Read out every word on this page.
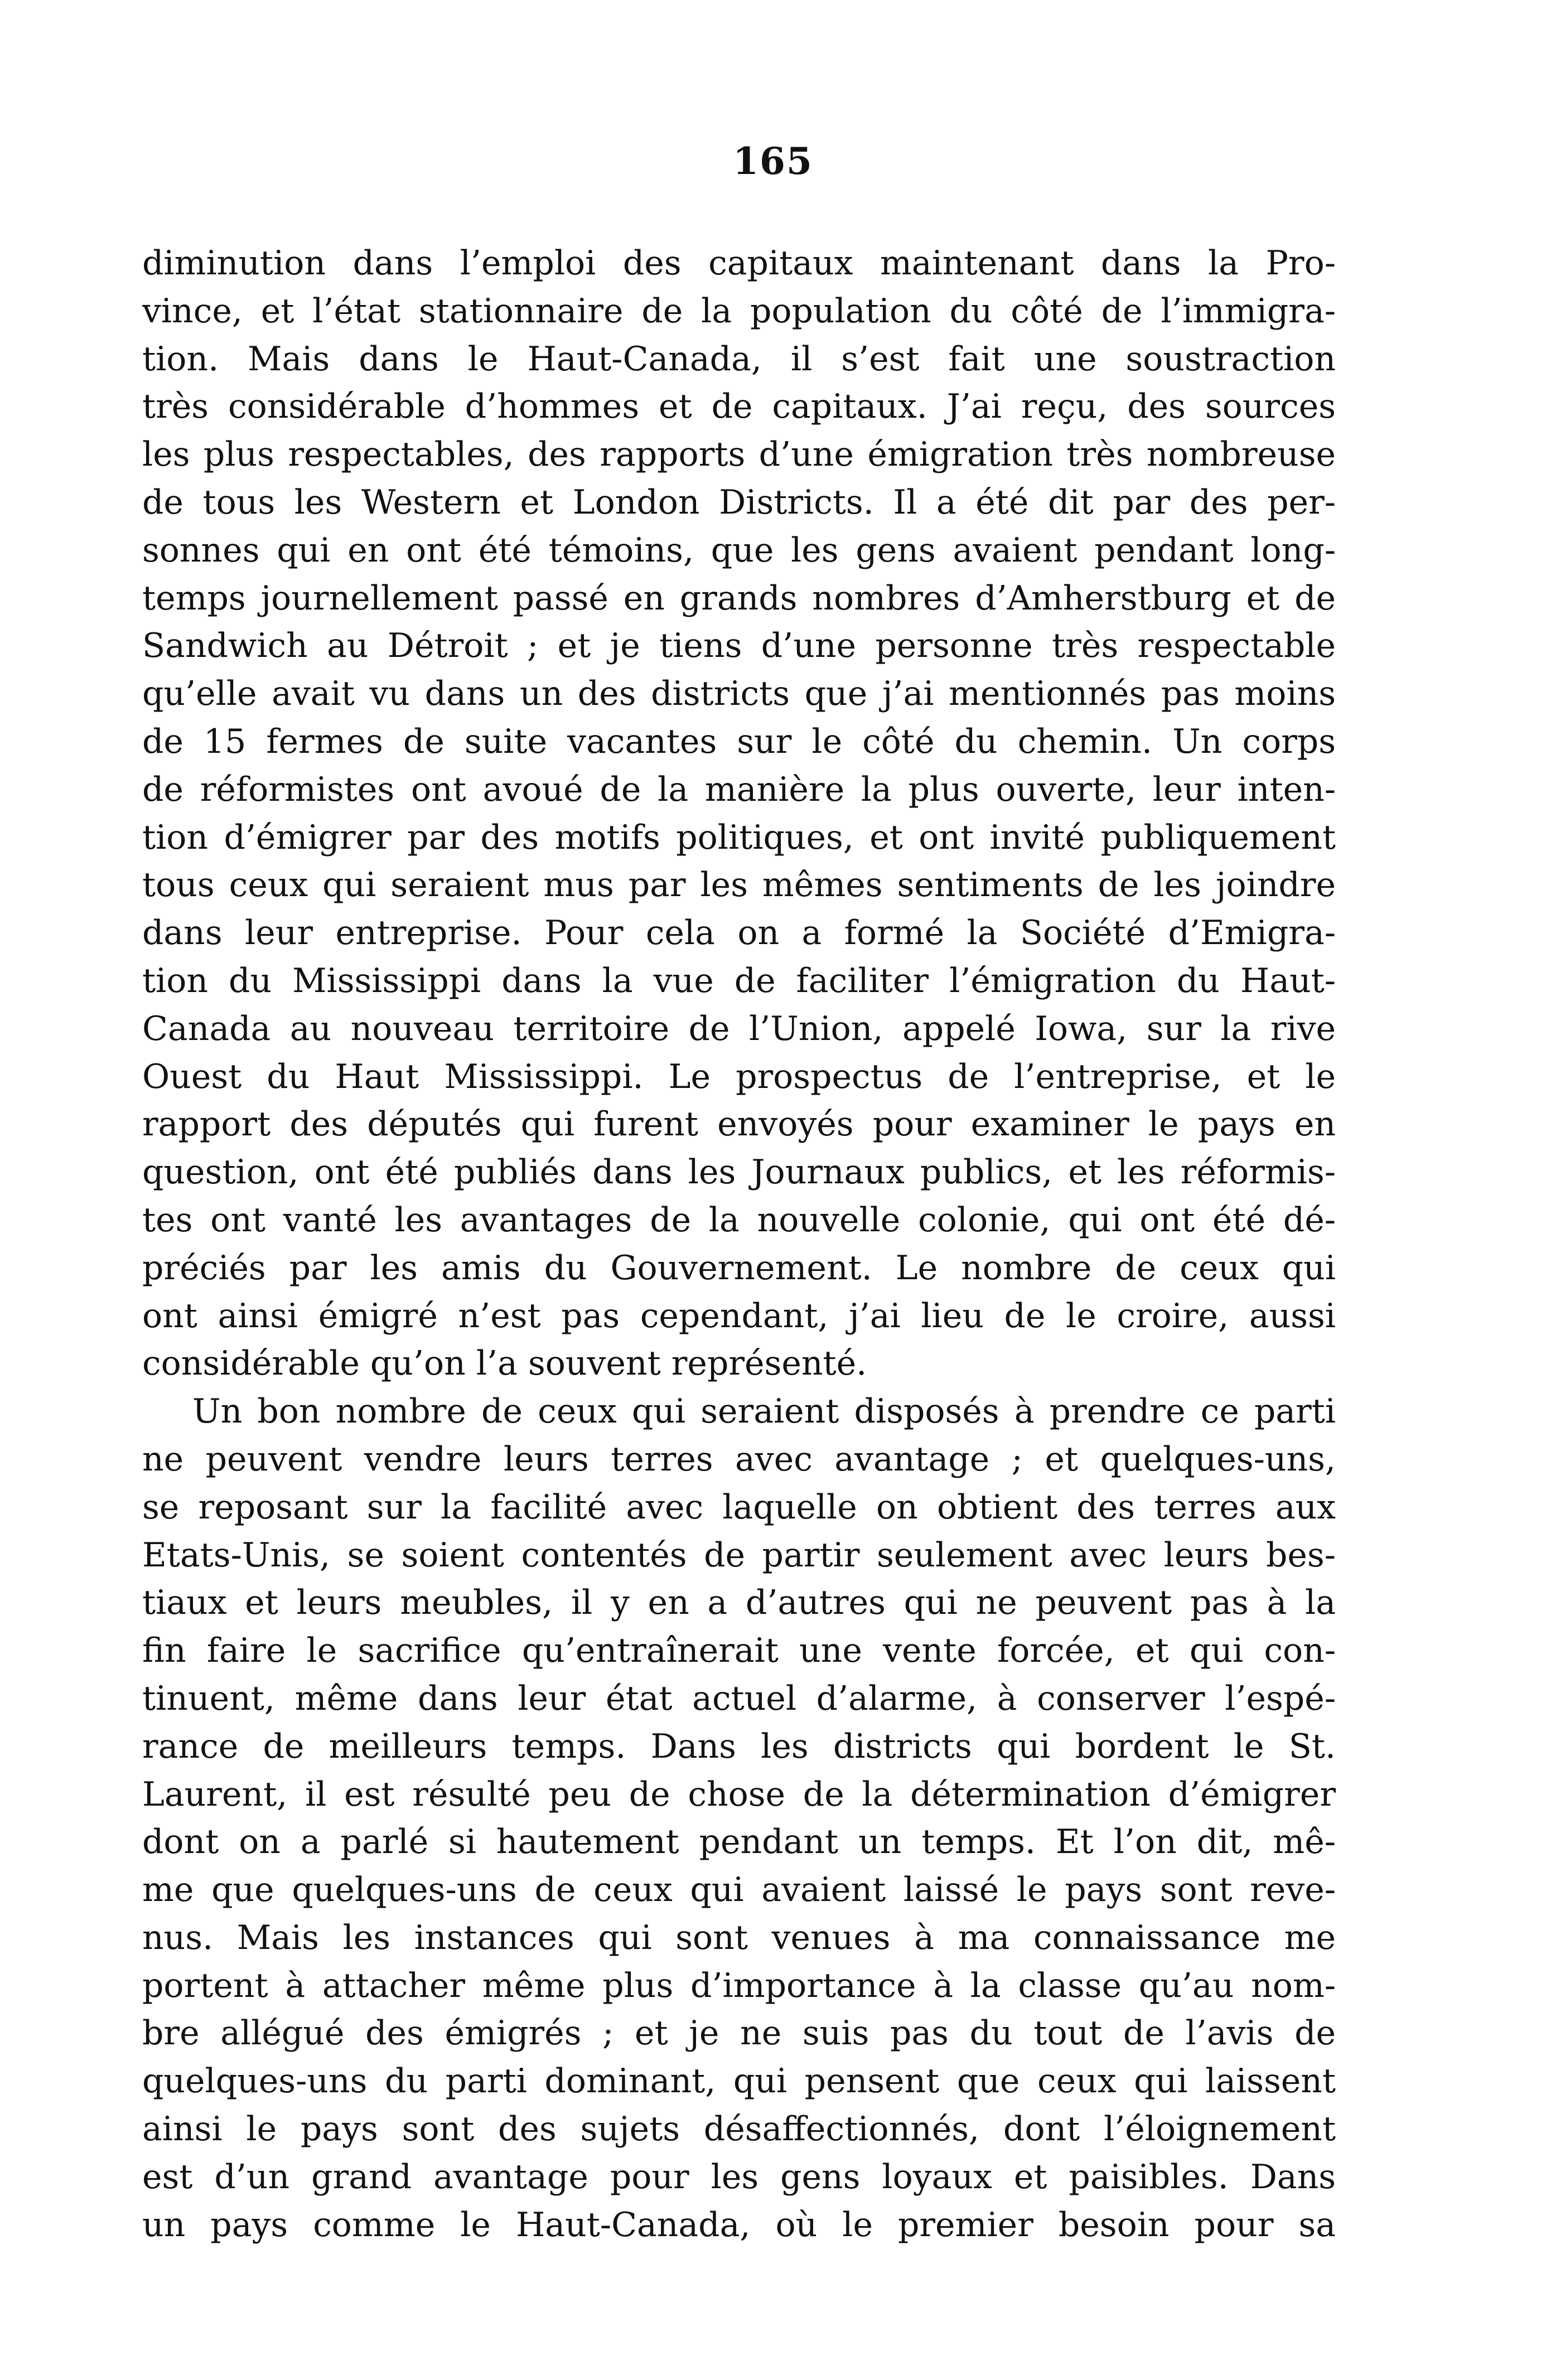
165
diminution dans l’emploi des capitaux maintenant dans la Pro-
vince, et l’état stationnaire de la population du côté de l’immigra-
tion. Mais dans le Haut-Canada, il s’est fait une soustraction
très considérable d’hommes et de capitaux. J’ai reçu, des sources
les plus respectables, des rapports d’une émigration très nombreuse
de tous les Western et London Districts. Il a été dit par des per-
sonnes qui en ont été témoins, que les gens avaient pendant long-
temps journellement passé en grands nombres d’Amherstburg et de
Sandwich au Détroit ; et je tiens d’une personne très respectable
qu’elle avait vu dans un des districts que j’ai mentionnés pas moins
de 15 fermes de suite vacantes sur le côté du chemin. Un corps
de réformistes ont avoué de la manière la plus ouverte, leur inten-
tion d’émigrer par des motifs politiques, et ont invité publiquement
tous ceux qui seraient mus par les mêmes sentiments de les joindre
dans leur entreprise. Pour cela on a formé la Société d’Emigra-
tion du Mississippi dans la vue de faciliter l’émigration du Haut-
Canada au nouveau territoire de l’Union, appelé Iowa, sur la rive
Ouest du Haut Mississippi. Le prospectus de l’entreprise, et le
rapport des députés qui furent envoyés pour examiner le pays en
question, ont été publiés dans les Journaux publics, et les réformis-
tes ont vanté les avantages de la nouvelle colonie, qui ont été dé-
préciés par les amis du Gouvernement. Le nombre de ceux qui
ont ainsi émigré n’est pas cependant, j’ai lieu de le croire, aussi
considérable qu’on l’a souvent représenté.
Un bon nombre de ceux qui seraient disposés à prendre ce parti
ne peuvent vendre leurs terres avec avantage ; et quelques-uns,
se reposant sur la facilité avec laquelle on obtient des terres aux
Etats-Unis, se soient contentés de partir seulement avec leurs bes-
tiaux et leurs meubles, il y en a d’autres qui ne peuvent pas à la
fin faire le sacrifice qu’entraînerait une vente forcée, et qui con-
tinuent, même dans leur état actuel d’alarme, à conserver l’espé-
rance de meilleurs temps. Dans les districts qui bordent le St.
Laurent, il est résulté peu de chose de la détermination d’émigrer
dont on a parlé si hautement pendant un temps. Et l’on dit, mê-
me que quelques-uns de ceux qui avaient laissé le pays sont reve-
nus. Mais les instances qui sont venues à ma connaissance me
portent à attacher même plus d’importance à la classe qu’au nom-
bre allégué des émigrés ; et je ne suis pas du tout de l’avis de
quelques-uns du parti dominant, qui pensent que ceux qui laissent
ainsi le pays sont des sujets désaffectionnés, dont l’éloignement
est d’un grand avantage pour les gens loyaux et paisibles. Dans
un pays comme le Haut-Canada, où le premier besoin pour sa
